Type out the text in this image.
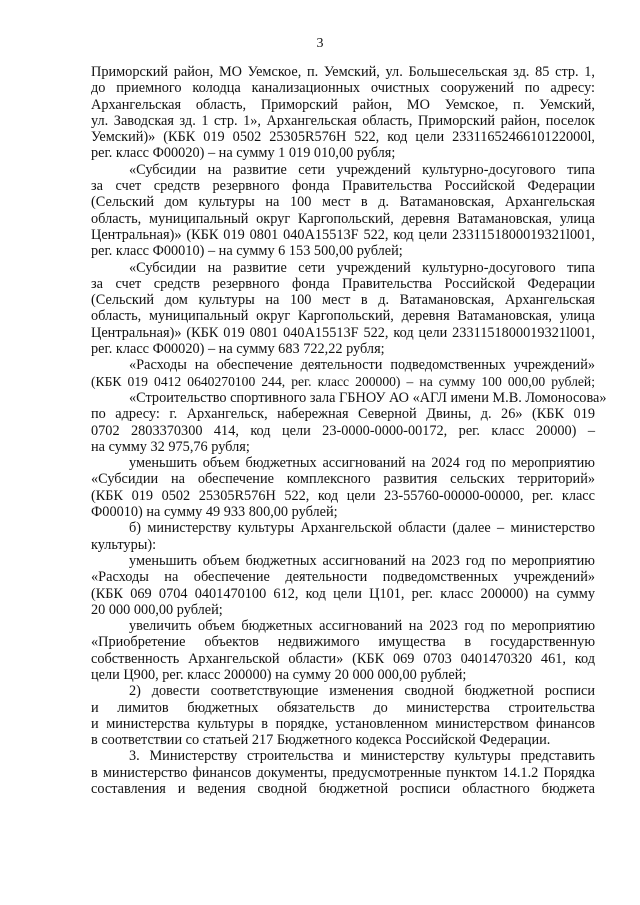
3
Приморский район, МО Уемское, п. Уемский, ул. Большесельская зд. 85 стр. 1,
до приемного колодца канализационных очистных сооружений по адресу:
Архангельская область, Приморский район, МО Уемское, п. Уемский,
ул. Заводская зд. 1 стр. 1», Архангельская область, Приморский район, поселок
Уемский)» (КБК 019 0502 25305R576Н 522, код цели 2331165246610122000l,
рег. класс Ф00020) – на сумму 1 019 010,00 рубля;
«Субсидии на развитие сети учреждений культурно-досугового типа
за счет средств резервного фонда Правительства Российской Федерации
(Сельский дом культуры на 100 мест в д. Ватамановская, Архангельская
область, муниципальный округ Каргопольский, деревня Ватамановская, улица
Центральная)» (КБК 019 0801 040A15513F 522, код цели 2331151800019321l001,
рег. класс Ф00010) – на сумму 6 153 500,00 рублей;
«Субсидии на развитие сети учреждений культурно-досугового типа
за счет средств резервного фонда Правительства Российской Федерации
(Сельский дом культуры на 100 мест в д. Ватамановская, Архангельская
область, муниципальный округ Каргопольский, деревня Ватамановская, улица
Центральная)» (КБК 019 0801 040A15513F 522, код цели 2331151800019321l001,
рег. класс Ф00020) – на сумму 683 722,22 рубля;
«Расходы на обеспечение деятельности подведомственных учреждений»
(КБК 019 0412 0640270100 244, рег. класс 200000) – на сумму 100 000,00 рублей;
«Строительство спортивного зала ГБНОУ АО «АГЛ имени М.В. Ломоносова»
по адресу: г. Архангельск, набережная Северной Двины, д. 26» (КБК 019
0702 2803370300 414, код цели 23-0000-0000-00172, рег. класс 20000) –
на сумму 32 975,76 рубля;
уменьшить объем бюджетных ассигнований на 2024 год по мероприятию
«Субсидии на обеспечение комплексного развития сельских территорий»
(КБК 019 0502 25305R576Н 522, код цели 23-55760-00000-00000, рег. класс
Ф00010) на сумму 49 933 800,00 рублей;
б) министерству культуры Архангельской области (далее – министерство
культуры):
уменьшить объем бюджетных ассигнований на 2023 год по мероприятию
«Расходы на обеспечение деятельности подведомственных учреждений»
(КБК 069 0704 0401470100 612, код цели Ц101, рег. класс 200000) на сумму
20 000 000,00 рублей;
увеличить объем бюджетных ассигнований на 2023 год по мероприятию
«Приобретение объектов недвижимого имущества в государственную
собственность Архангельской области» (КБК 069 0703 0401470320 461, код
цели Ц900, рег. класс 200000) на сумму 20 000 000,00 рублей;
2) довести соответствующие изменения сводной бюджетной росписи
и лимитов бюджетных обязательств до министерства строительства
и министерства культуры в порядке, установленном министерством финансов
в соответствии со статьей 217 Бюджетного кодекса Российской Федерации.
3. Министерству строительства и министерству культуры представить
в министерство финансов документы, предусмотренные пунктом 14.1.2 Порядка
составления и ведения сводной бюджетной росписи областного бюджета
